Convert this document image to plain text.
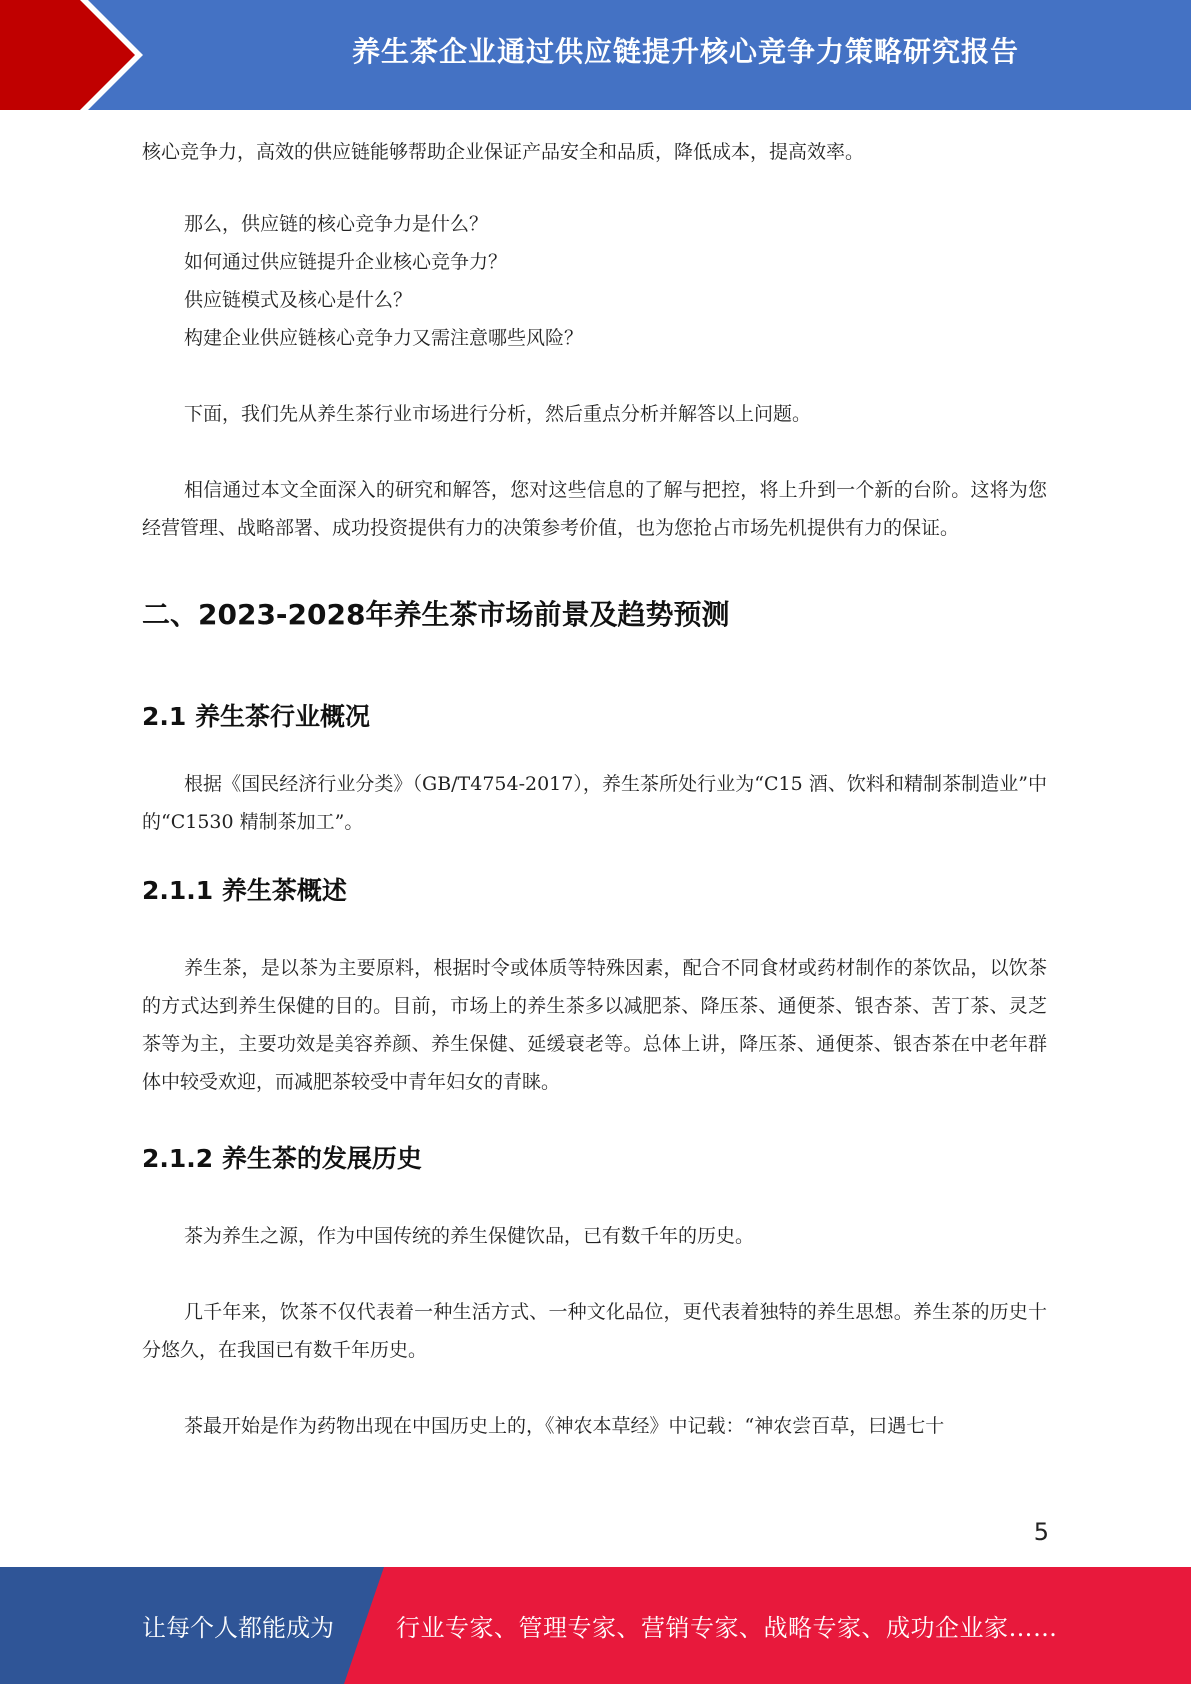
养生茶企业通过供应链提升核心竞争力策略研究报告

核心竞争力，高效的供应链能够帮助企业保证产品安全和品质，降低成本，提高效率。

那么，供应链的核心竞争力是什么？
如何通过供应链提升企业核心竞争力？
供应链模式及核心是什么？
构建企业供应链核心竞争力又需注意哪些风险？

下面，我们先从养生茶行业市场进行分析，然后重点分析并解答以上问题。

相信通过本文全面深入的研究和解答，您对这些信息的了解与把控，将上升到一个新的台阶。这将为您经营管理、战略部署、成功投资提供有力的决策参考价值，也为您抢占市场先机提供有力的保证。

二、2023-2028年养生茶市场前景及趋势预测
2.1 养生茶行业概况

根据《国民经济行业分类》（GB/T4754-2017），养生茶所处行业为“C15 酒、饮料和精制茶制造业”中的“C1530 精制茶加工”。

2.1.1 养生茶概述

养生茶，是以茶为主要原料，根据时令或体质等特殊因素，配合不同食材或药材制作的茶饮品，以饮茶的方式达到养生保健的目的。目前，市场上的养生茶多以减肥茶、降压茶、通便茶、银杏茶、苦丁茶、灵芝茶等为主，主要功效是美容养颜、养生保健、延缓衰老等。总体上讲，降压茶、通便茶、银杏茶在中老年群体中较受欢迎，而减肥茶较受中青年妇女的青睐。

2.1.2 养生茶的发展历史

茶为养生之源，作为中国传统的养生保健饮品，已有数千年的历史。

几千年来，饮茶不仅代表着一种生活方式、一种文化品位，更代表着独特的养生思想。养生茶的历史十分悠久，在我国已有数千年历史。

茶最开始是作为药物出现在中国历史上的，《神农本草经》中记载：“神农尝百草，曰遇七十

5
让每个人都能成为	行业专家、管理专家、营销专家、战略专家、成功企业家……
